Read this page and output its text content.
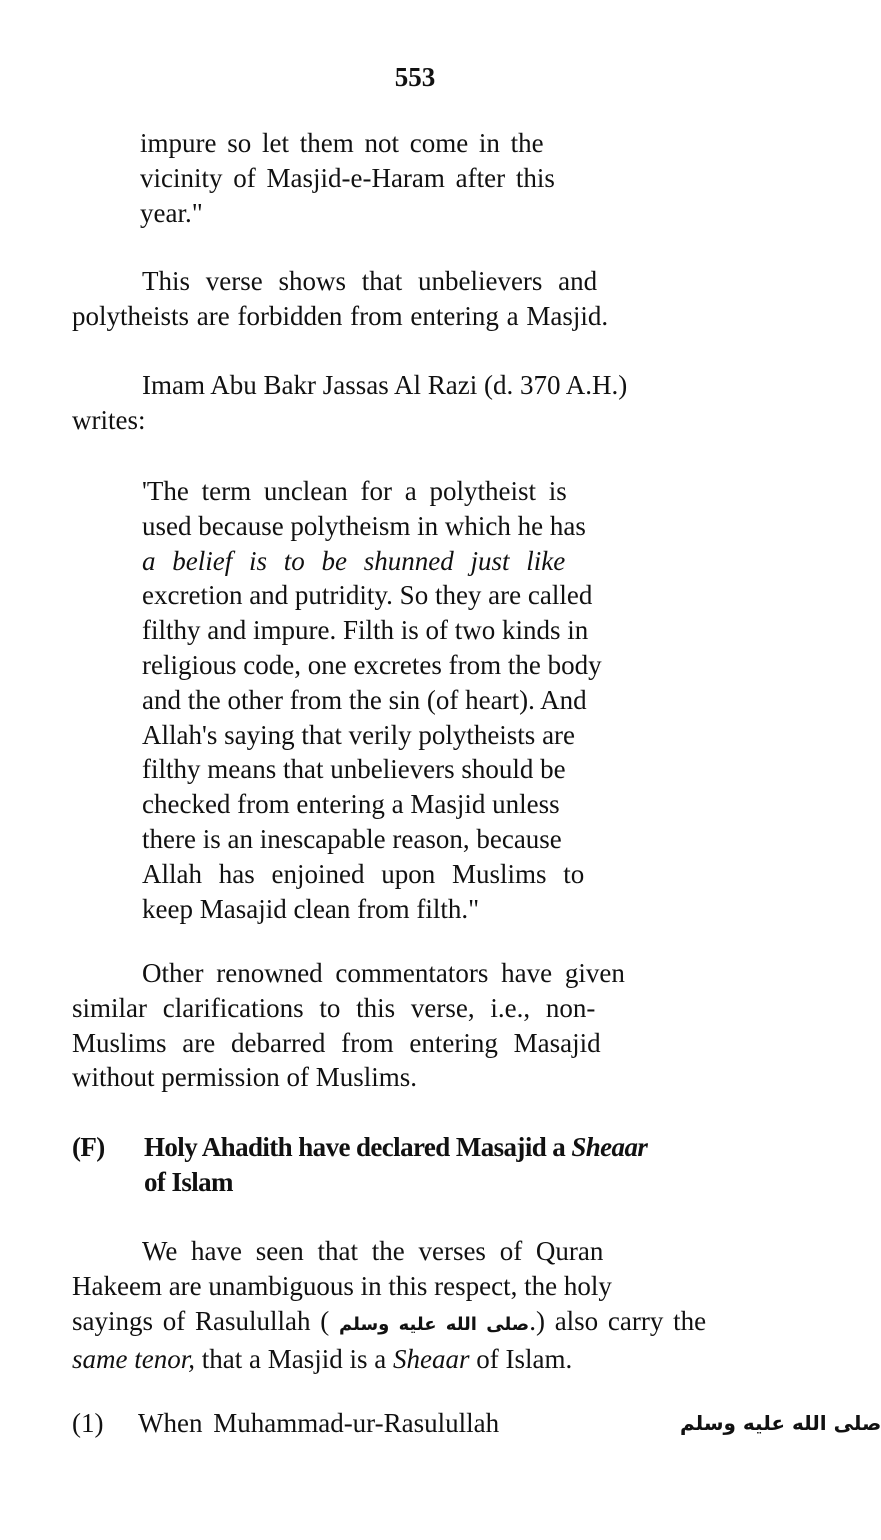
553
impure so let them not come in the
vicinity of Masjid-e-Haram after this
year."
This verse shows that unbelievers and
polytheists are forbidden from entering a Masjid.
Imam Abu Bakr Jassas Al Razi (d. 370 A.H.)
writes:
'The term unclean for a polytheist is
used because polytheism in which he has
a belief is to be shunned just like
excretion and putridity. So they are called
filthy and impure. Filth is of two kinds in
religious code, one excretes from the body
and the other from the sin (of heart). And
Allah's saying that verily polytheists are
filthy means that unbelievers should be
checked from entering a Masjid unless
there is an inescapable reason, because
Allah has enjoined upon Muslims to
keep Masajid clean from filth."
Other renowned commentators have given
similar clarifications to this verse, i.e., non-
Muslims are debarred from entering Masajid
without permission of Muslims.
(F) Holy Ahadith have declared Masajid a Sheaar
of Islam
We have seen that the verses of Quran
Hakeem are unambiguous in this respect, the holy
sayings of Rasulullah ( صلى الله عليه وسلم.) also carry the
same tenor, that a Masjid is a Sheaar of Islam.
(1) When Muhammad-ur-Rasulullah	صلى الله عليه وسلم
